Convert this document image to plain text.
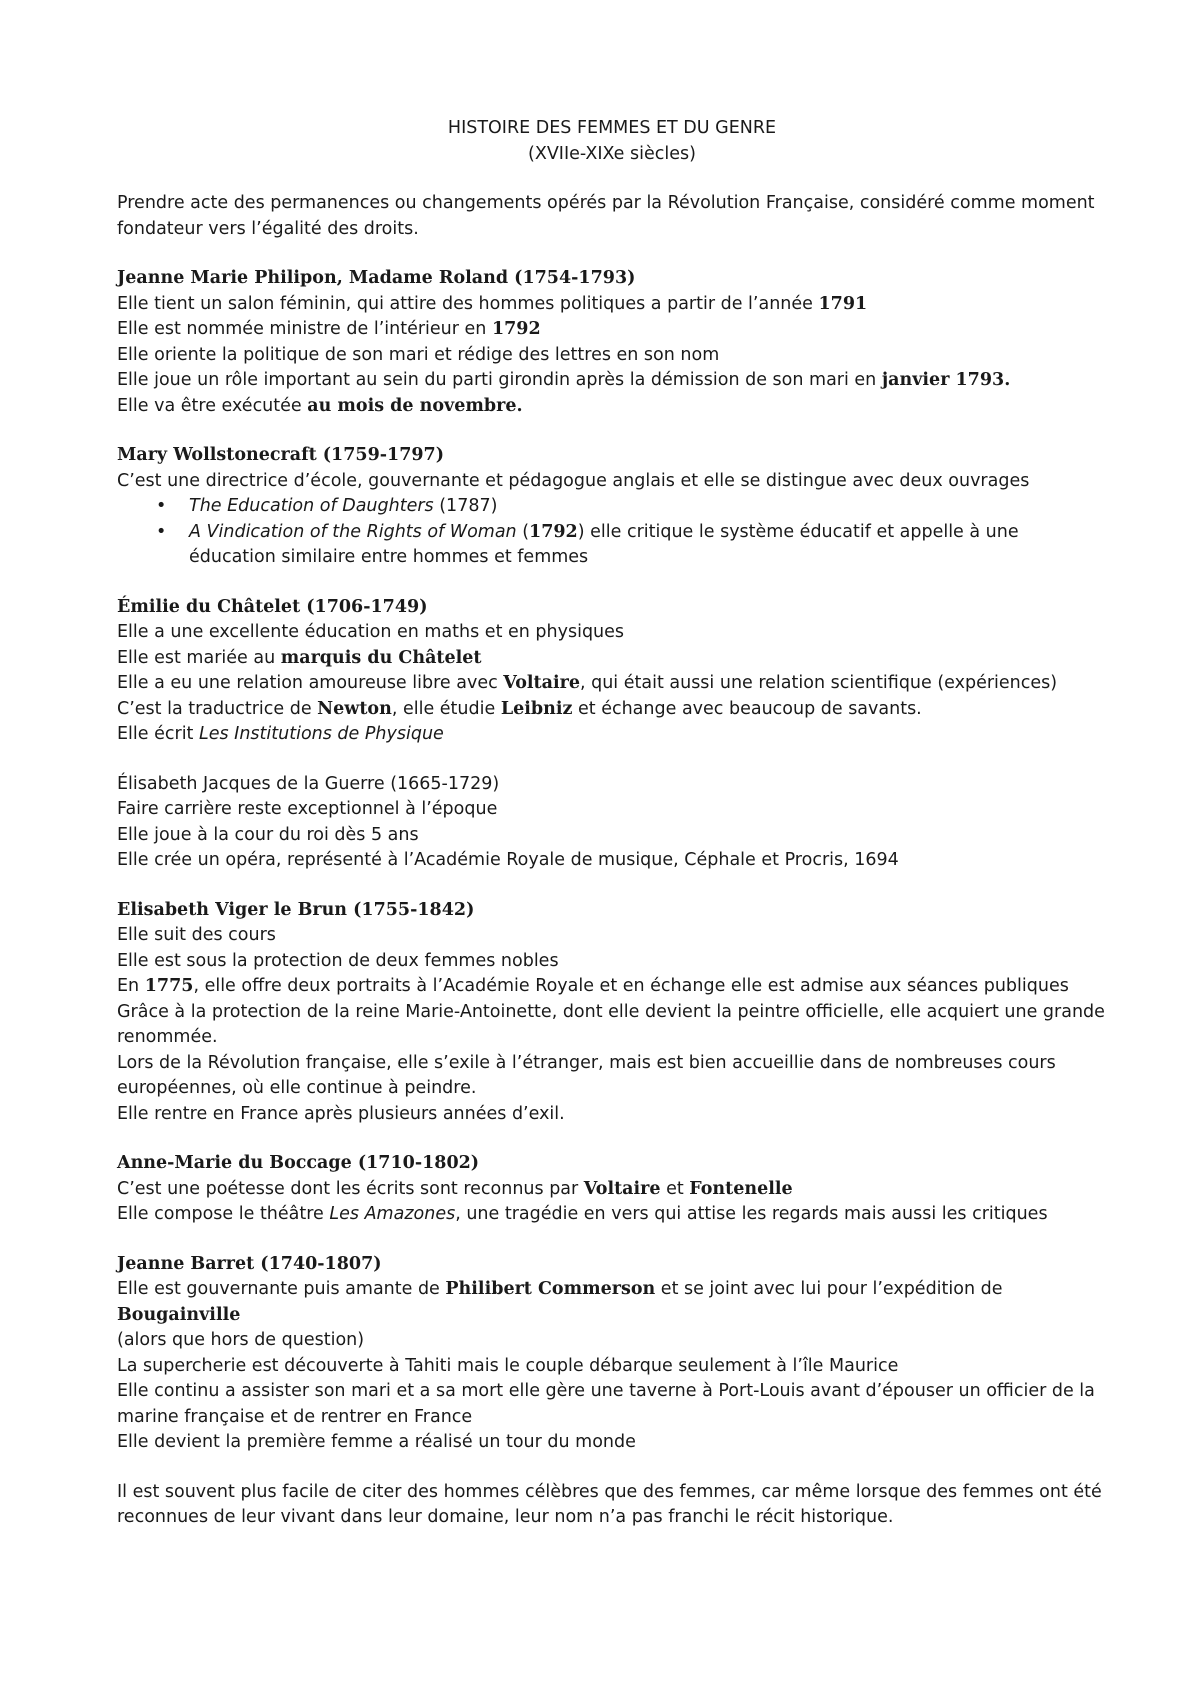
HISTOIRE DES FEMMES ET DU GENRE

(XVIIe-XIXe siècles)

Prendre acte des permanences ou changements opérés par la Révolution Française, considéré comme moment fondateur vers l’égalité des droits.

Jeanne Marie Philipon, Madame Roland (1754-1793)

Elle tient un salon féminin, qui attire des hommes politiques a partir de l’année 1791

Elle est nommée ministre de l’intérieur en 1792

Elle oriente la politique de son mari et rédige des lettres en son nom

Elle joue un rôle important au sein du parti girondin après la démission de son mari en janvier 1793.

Elle va être exécutée au mois de novembre.

Mary Wollstonecraft (1759-1797)

C’est une directrice d’école, gouvernante et pédagogue anglais et elle se distingue avec deux ouvrages

• The Education of Daughters (1787)
• A Vindication of the Rights of Woman (1792) elle critique le système éducatif et appelle à une éducation similaire entre hommes et femmes

Émilie du Châtelet (1706-1749)

Elle a une excellente éducation en maths et en physiques

Elle est mariée au marquis du Châtelet

Elle a eu une relation amoureuse libre avec Voltaire, qui était aussi une relation scientifique (expériences)

C’est la traductrice de Newton, elle étudie Leibniz et échange avec beaucoup de savants.

Elle écrit Les Institutions de Physique

Élisabeth Jacques de la Guerre (1665-1729)

Faire carrière reste exceptionnel à l’époque

Elle joue à la cour du roi dès 5 ans

Elle crée un opéra, représenté à l’Académie Royale de musique, Céphale et Procris, 1694

Elisabeth Viger le Brun (1755-1842)

Elle suit des cours

Elle est sous la protection de deux femmes nobles

En 1775, elle offre deux portraits à l’Académie Royale et en échange elle est admise aux séances publiques

Grâce à la protection de la reine Marie-Antoinette, dont elle devient la peintre officielle, elle acquiert une grande renommée.

Lors de la Révolution française, elle s’exile à l’étranger, mais est bien accueillie dans de nombreuses cours européennes, où elle continue à peindre.

Elle rentre en France après plusieurs années d’exil.

Anne-Marie du Boccage (1710-1802)

C’est une poétesse dont les écrits sont reconnus par Voltaire et Fontenelle

Elle compose le théâtre Les Amazones, une tragédie en vers qui attise les regards mais aussi les critiques

Jeanne Barret (1740-1807)

Elle est gouvernante puis amante de Philibert Commerson et se joint avec lui pour l’expédition de Bougainville

(alors que hors de question)

La supercherie est découverte à Tahiti mais le couple débarque seulement à l’île Maurice

Elle continu a assister son mari et a sa mort elle gère une taverne à Port-Louis avant d’épouser un officier de la marine française et de rentrer en France

Elle devient la première femme a réalisé un tour du monde

Il est souvent plus facile de citer des hommes célèbres que des femmes, car même lorsque des femmes ont été reconnues de leur vivant dans leur domaine, leur nom n’a pas franchi le récit historique.
